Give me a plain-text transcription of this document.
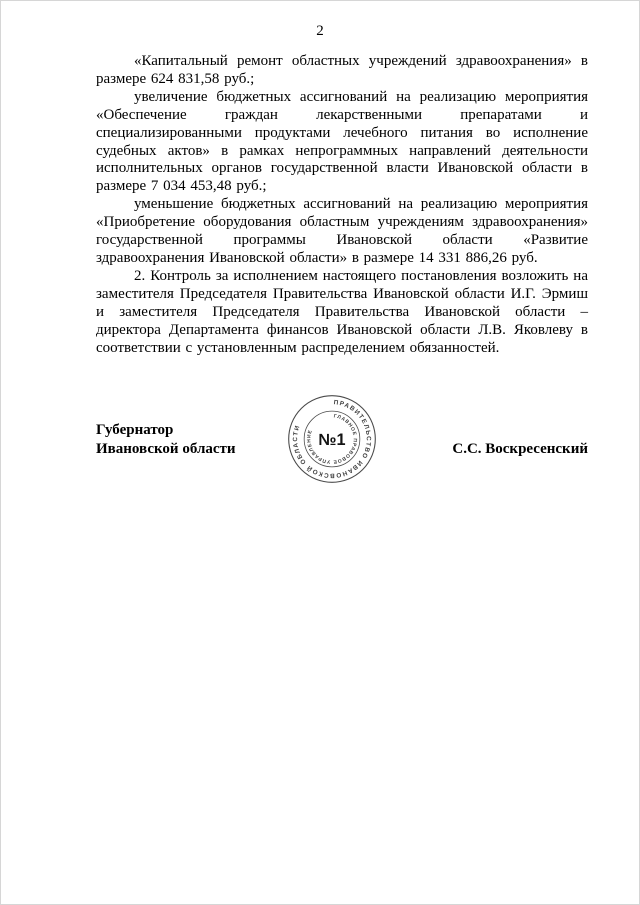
2

«Капитальный ремонт областных учреждений здравоохранения» в размере 624 831,58 руб.;

увеличение бюджетных ассигнований на реализацию мероприятия «Обеспечение граждан лекарственными препаратами и специализированными продуктами лечебного питания во исполнение судебных актов» в рамках непрограммных направлений деятельности исполнительных органов государственной власти Ивановской области в размере 7 034 453,48 руб.;

уменьшение бюджетных ассигнований на реализацию мероприятия «Приобретение оборудования областным учреждениям здравоохранения» государственной программы Ивановской области «Развитие здравоохранения Ивановской области» в размере 14 331 886,26 руб.

2. Контроль за исполнением настоящего постановления возложить на заместителя Председателя Правительства Ивановской области И.Г. Эрмиш и заместителя Председателя Правительства Ивановской области – директора Департамента финансов Ивановской области Л.В. Яковлеву в соответствии с установленным распределением обязанностей.

Губернатор
Ивановской области
ПРАВИТЕЛЬСТВО ИВАНОВСКОЙ ОБЛАСТИ
ГЛАВНОЕ ПРАВОВОЕ УПРАВЛЕНИЕ №1	С.С. Воскресенский
